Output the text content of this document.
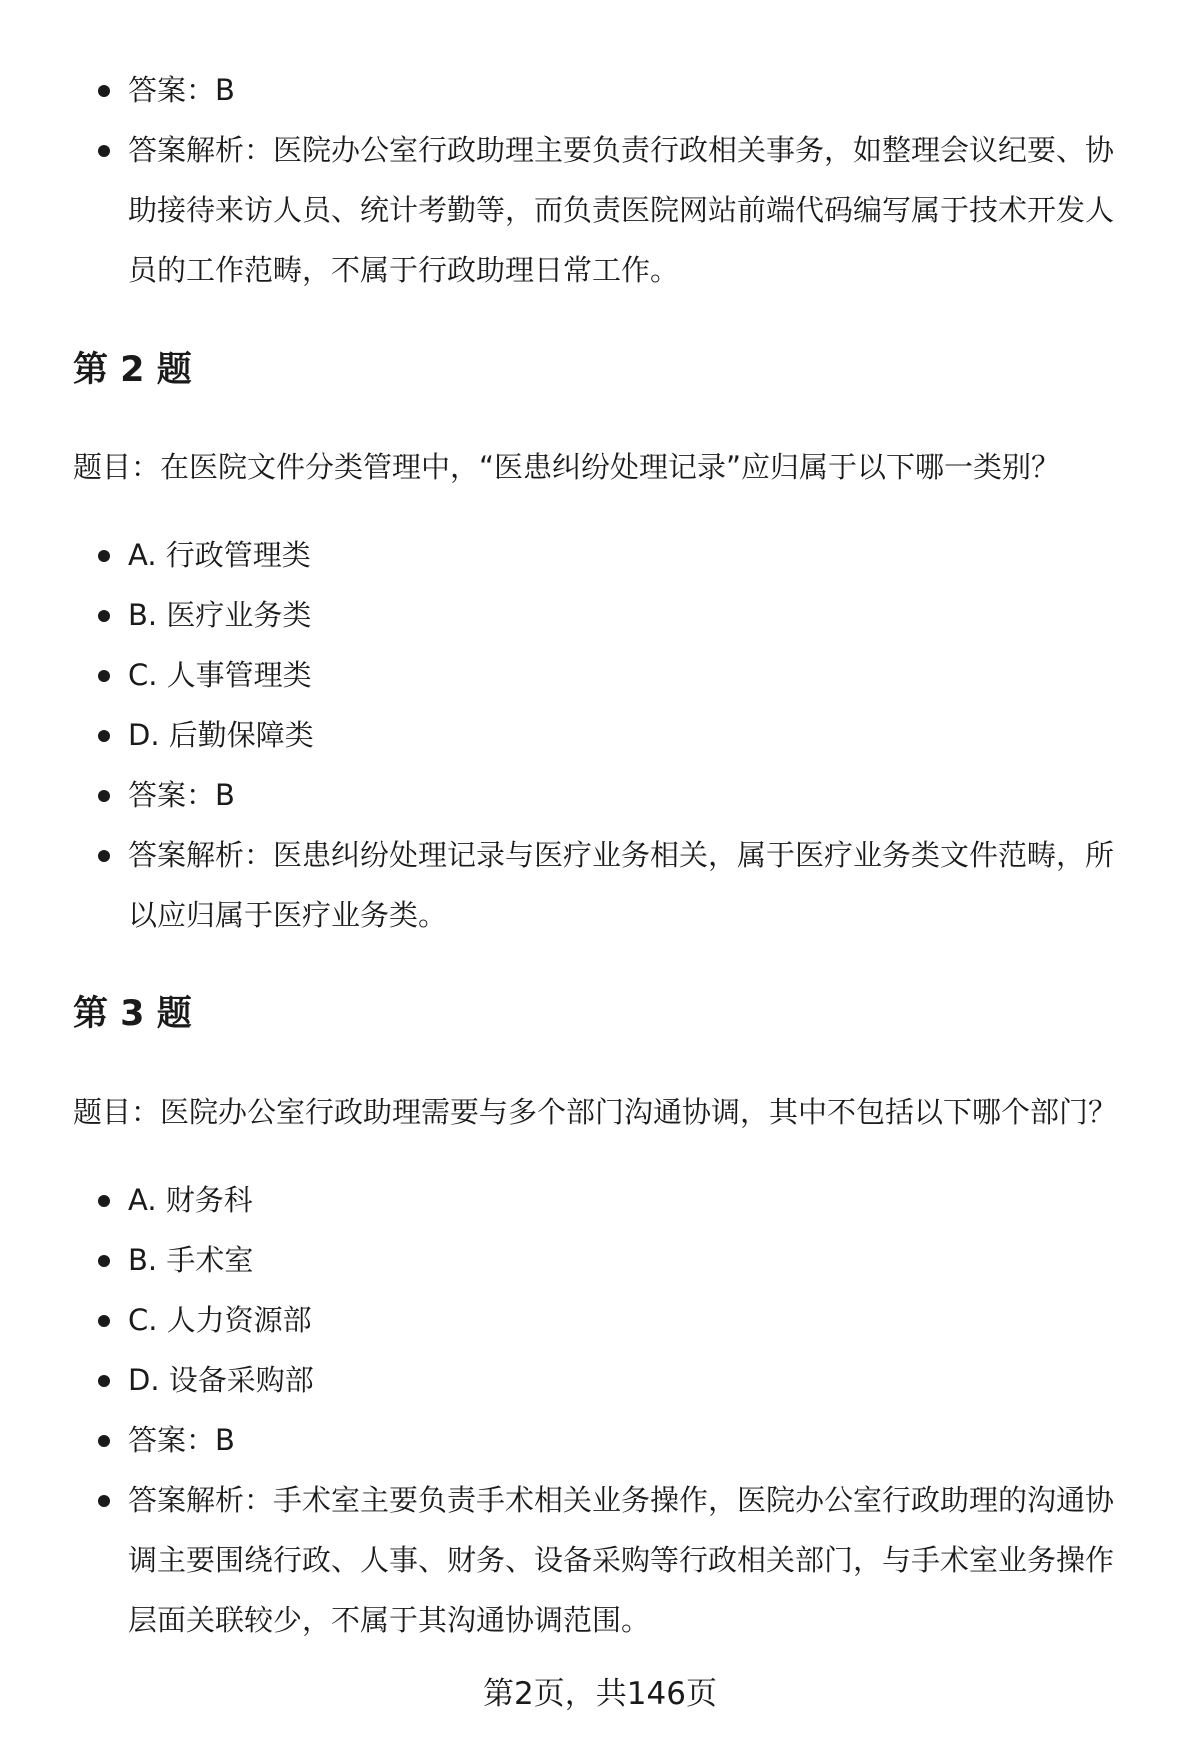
答案：B
答案解析：医院办公室行政助理主要负责行政相关事务，如整理会议纪要、协助接待来访人员、统计考勤等，而负责医院网站前端代码编写属于技术开发人员的工作范畴，不属于行政助理日常工作。
第 2 题

题目：在医院文件分类管理中，“医患纠纷处理记录”应归属于以下哪一类别？

A. 行政管理类
B. 医疗业务类
C. 人事管理类
D. 后勤保障类
答案：B
答案解析：医患纠纷处理记录与医疗业务相关，属于医疗业务类文件范畴，所以应归属于医疗业务类。
第 3 题

题目：医院办公室行政助理需要与多个部门沟通协调，其中不包括以下哪个部门？

A. 财务科
B. 手术室
C. 人力资源部
D. 设备采购部
答案：B
答案解析：手术室主要负责手术相关业务操作，医院办公室行政助理的沟通协调主要围绕行政、人事、财务、设备采购等行政相关部门，与手术室业务操作层面关联较少，不属于其沟通协调范围。
第2页，共146页
